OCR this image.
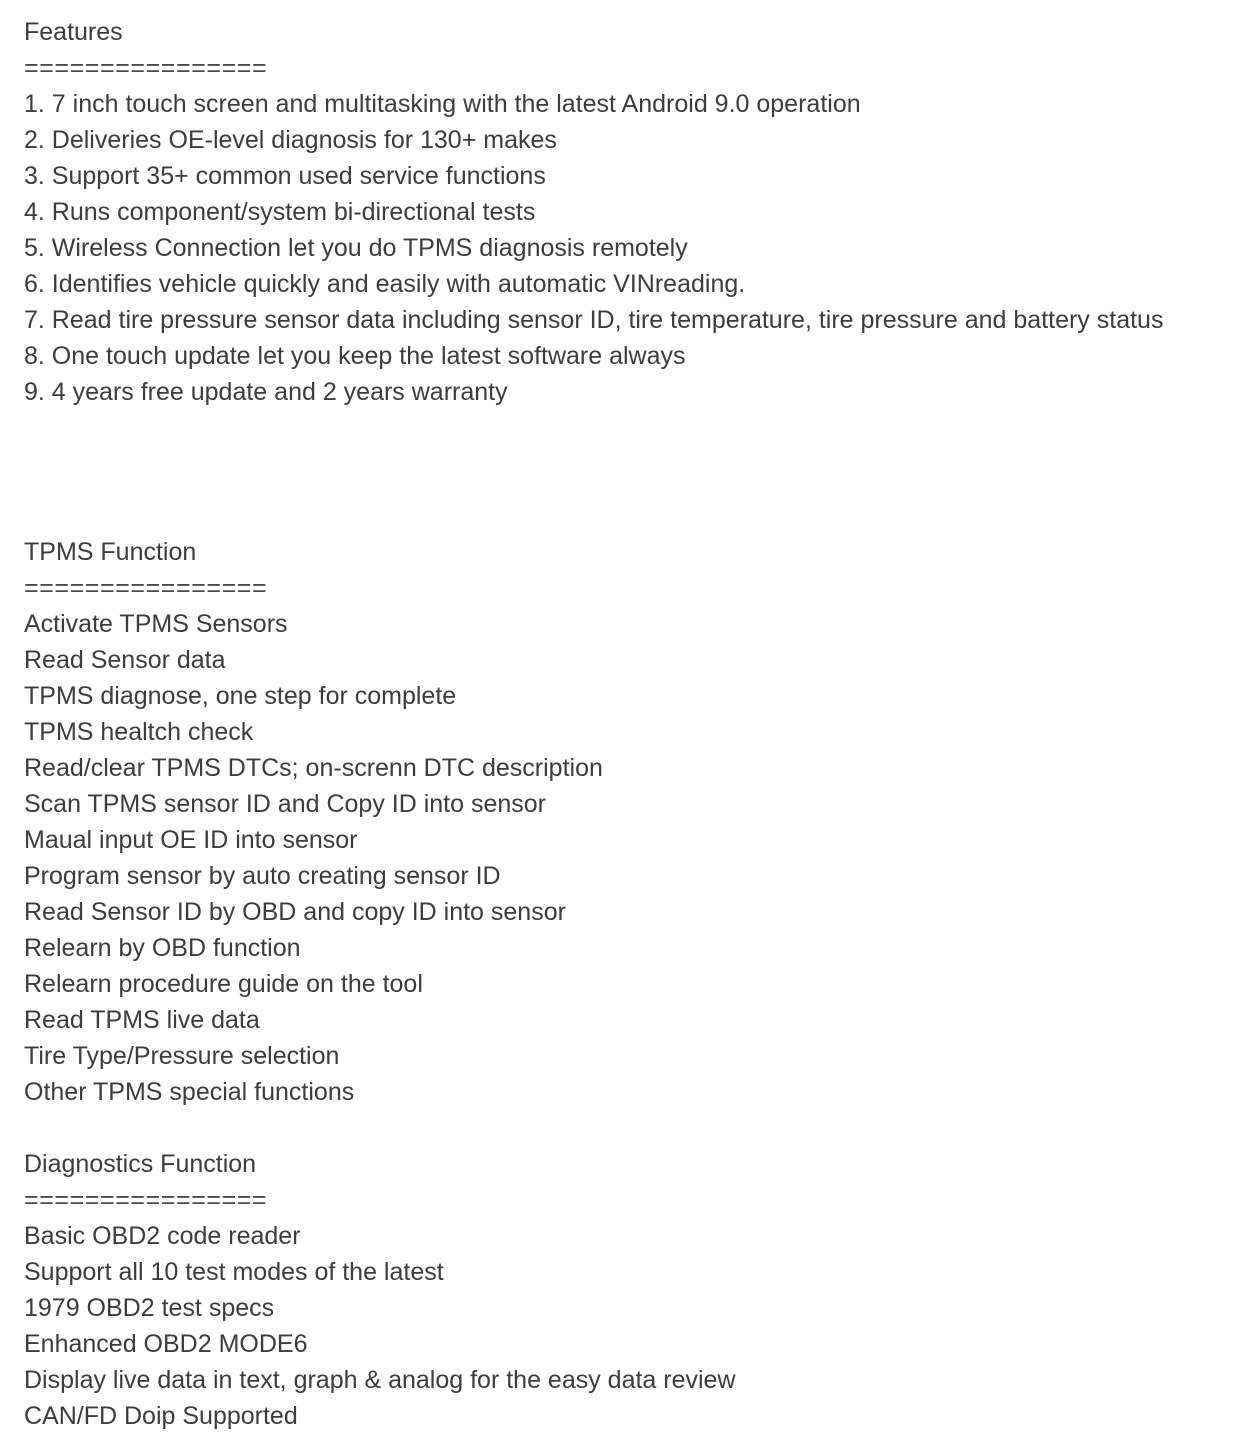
Features
================
1. 7 inch touch screen and multitasking with the latest Android 9.0 operation
2. Deliveries OE-level diagnosis for 130+ makes
3. Support 35+ common used service functions
4. Runs component/system bi-directional tests
5. Wireless Connection let you do TPMS diagnosis remotely
6. Identifies vehicle quickly and easily with automatic VINreading.
7. Read tire pressure sensor data including sensor ID, tire temperature, tire pressure and battery status
8. One touch update let you keep the latest software always
9. 4 years free update and 2 years warranty
TPMS Function
================
Activate TPMS Sensors
Read Sensor data
TPMS diagnose, one step for complete
TPMS healtch check
Read/clear TPMS DTCs; on-screnn DTC description
Scan TPMS sensor ID and Copy ID into sensor
Maual input OE ID into sensor
Program sensor by auto creating sensor ID
Read Sensor ID by OBD and copy ID into sensor
Relearn by OBD function
Relearn procedure guide on the tool
Read TPMS live data
Tire Type/Pressure selection
Other TPMS special functions
Diagnostics Function
================
Basic OBD2 code reader
Support all 10 test modes of the latest
1979 OBD2 test specs
Enhanced OBD2 MODE6
Display live data in text, graph & analog for the easy data review
CAN/FD Doip Supported
